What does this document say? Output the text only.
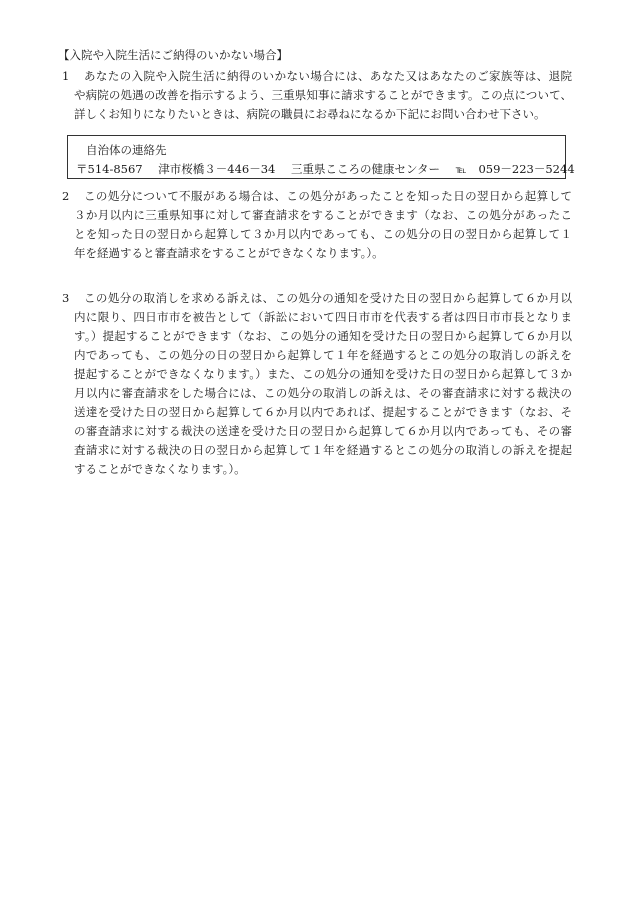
【入院や入院生活にご納得のいかない場合】
1	あなたの入院や入院生活に納得のいかない場合には、あなた又はあなたのご家族等は、退院
や病院の処遇の改善を指示するよう、三重県知事に請求することができます。この点について、
詳しくお知りになりたいときは、病院の職員にお尋ねになるか下記にお問い合わせ下さい。
自治体の連絡先
〒514-8567 津市桜橋３－446－34 三重県こころの健康センター ℡ 059－223－5244
2	この処分について不服がある場合は、この処分があったことを知った日の翌日から起算して
３か月以内に三重県知事に対して審査請求をすることができます（なお、この処分があったこ
とを知った日の翌日から起算して３か月以内であっても、この処分の日の翌日から起算して１
年を経過すると審査請求をすることができなくなります。）。
3	この処分の取消しを求める訴えは、この処分の通知を受けた日の翌日から起算して６か月以
内に限り、四日市市を被告として（訴訟において四日市市を代表する者は四日市市長となりま
す。）提起することができます（なお、この処分の通知を受けた日の翌日から起算して６か月以
内であっても、この処分の日の翌日から起算して１年を経過するとこの処分の取消しの訴えを
提起することができなくなります。）また、この処分の通知を受けた日の翌日から起算して３か
月以内に審査請求をした場合には、この処分の取消しの訴えは、その審査請求に対する裁決の
送達を受けた日の翌日から起算して６か月以内であれば、提起することができます（なお、そ
の審査請求に対する裁決の送達を受けた日の翌日から起算して６か月以内であっても、その審
査請求に対する裁決の日の翌日から起算して１年を経過するとこの処分の取消しの訴えを提起
することができなくなります。）。
